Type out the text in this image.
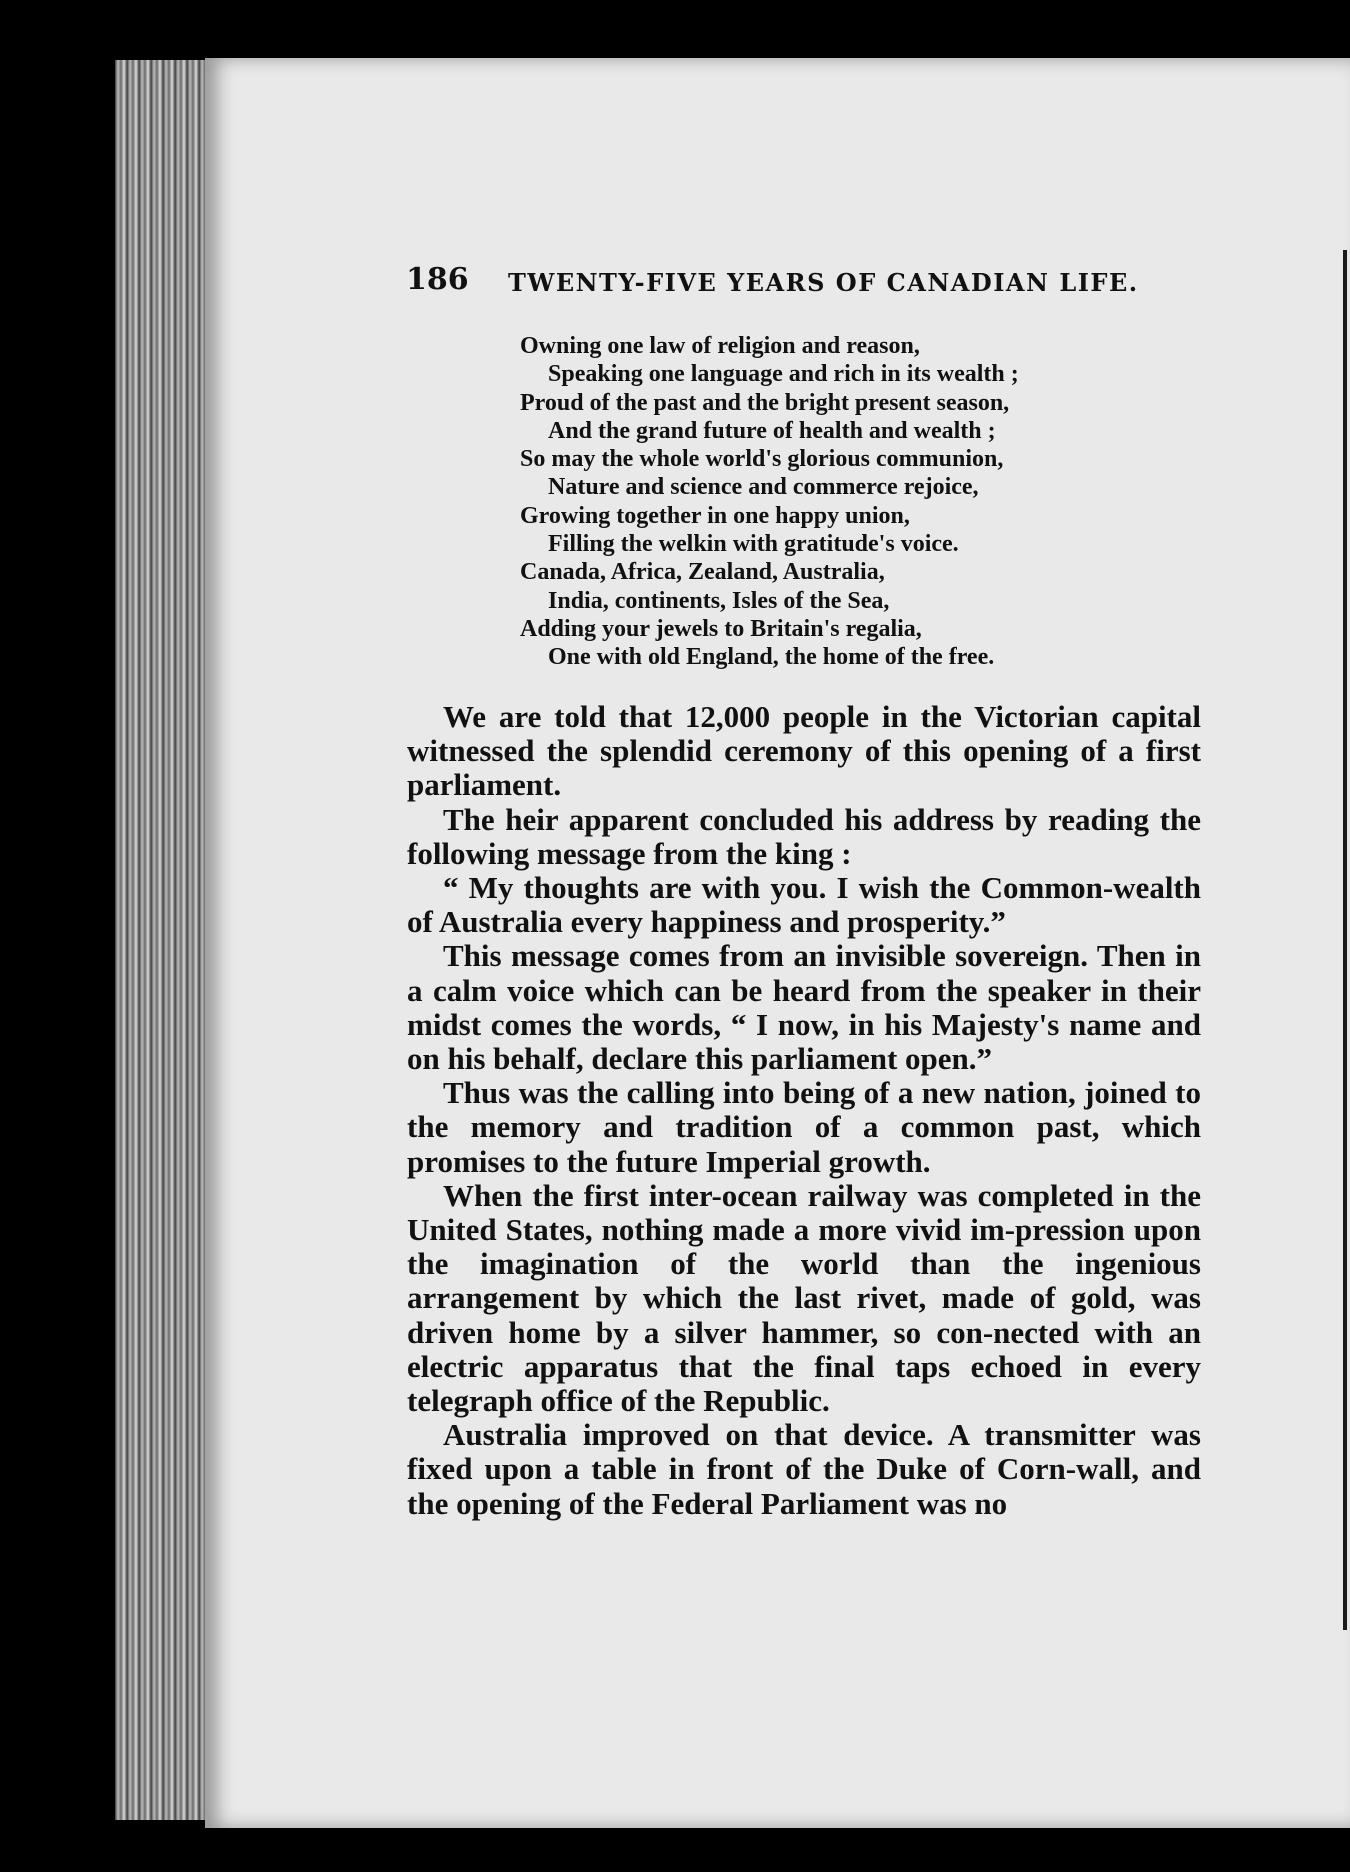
186 TWENTY-FIVE YEARS OF CANADIAN LIFE.
Owning one law of religion and reason,
Speaking one language and rich in its wealth ;
Proud of the past and the bright present season,
And the grand future of health and wealth ;
So may the whole world's glorious communion,
Nature and science and commerce rejoice,
Growing together in one happy union,
Filling the welkin with gratitude's voice.
Canada, Africa, Zealand, Australia,
India, continents, Isles of the Sea,
Adding your jewels to Britain's regalia,
One with old England, the home of the free.

We are told that 12,000 people in the Victorian capital witnessed the splendid ceremony of this opening of a first parliament.

The heir apparent concluded his address by reading the following message from the king :

“ My thoughts are with you. I wish the Common-wealth of Australia every happiness and prosperity.”

This message comes from an invisible sovereign. Then in a calm voice which can be heard from the speaker in their midst comes the words, “ I now, in his Majesty's name and on his behalf, declare this parliament open.”

Thus was the calling into being of a new nation, joined to the memory and tradition of a common past, which promises to the future Imperial growth.

When the first inter-ocean railway was completed in the United States, nothing made a more vivid im-pression upon the imagination of the world than the ingenious arrangement by which the last rivet, made of gold, was driven home by a silver hammer, so con-nected with an electric apparatus that the final taps echoed in every telegraph office of the Republic.

Australia improved on that device. A transmitter was fixed upon a table in front of the Duke of Corn-wall, and the opening of the Federal Parliament was no
